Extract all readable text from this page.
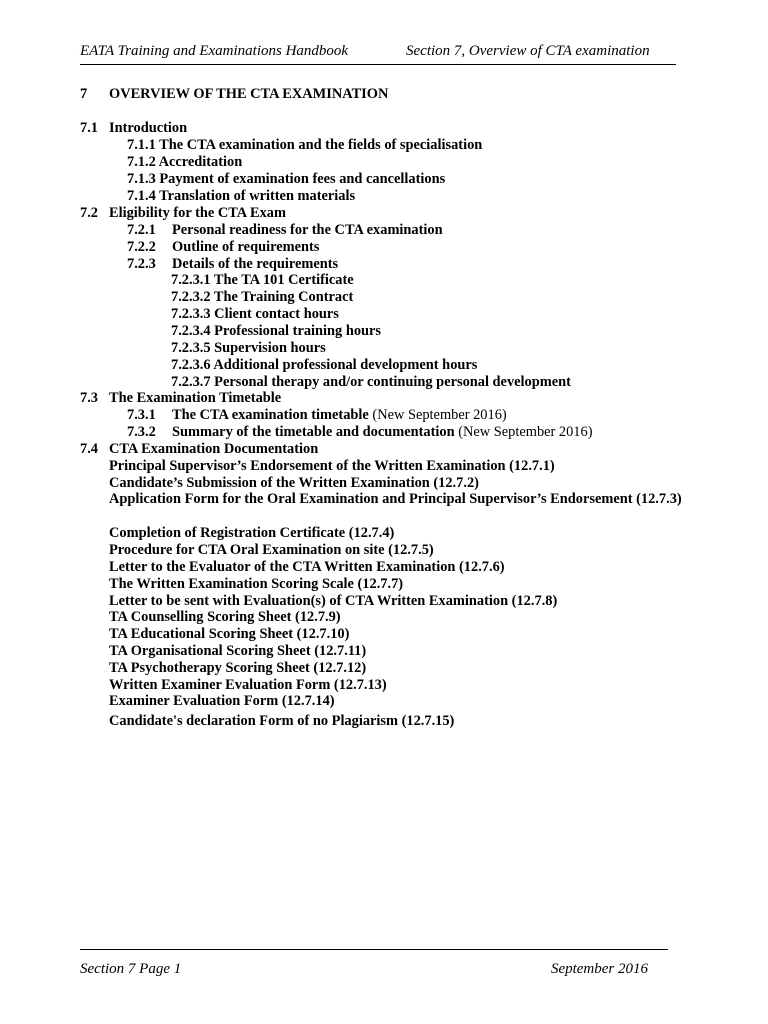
EATA Training and Examinations Handbook	Section 7, Overview of CTA examination
7 OVERVIEW OF THE CTA EXAMINATION
7.1 Introduction
7.1.1 The CTA examination and the fields of specialisation
7.1.2 Accreditation
7.1.3 Payment of examination fees and cancellations
7.1.4 Translation of written materials
7.2 Eligibility for the CTA Exam
7.2.1 Personal readiness for the CTA examination
7.2.2 Outline of requirements
7.2.3 Details of the requirements
7.2.3.1 The TA 101 Certificate
7.2.3.2 The Training Contract
7.2.3.3 Client contact hours
7.2.3.4 Professional training hours
7.2.3.5 Supervision hours
7.2.3.6 Additional professional development hours
7.2.3.7 Personal therapy and/or continuing personal development
7.3 The Examination Timetable
7.3.1 The CTA examination timetable (New September 2016)
7.3.2 Summary of the timetable and documentation (New September 2016)
7.4 CTA Examination Documentation
Principal Supervisor’s Endorsement of the Written Examination (12.7.1)
Candidate’s Submission of the Written Examination (12.7.2)
Application Form for the Oral Examination and Principal Supervisor’s Endorsement (12.7.3)
Completion of Registration Certificate (12.7.4)
Procedure for CTA Oral Examination on site (12.7.5)
Letter to the Evaluator of the CTA Written Examination (12.7.6)
The Written Examination Scoring Scale (12.7.7)
Letter to be sent with Evaluation(s) of CTA Written Examination (12.7.8)
TA Counselling Scoring Sheet (12.7.9)
TA Educational Scoring Sheet (12.7.10)
TA Organisational Scoring Sheet (12.7.11)
TA Psychotherapy Scoring Sheet (12.7.12)
Written Examiner Evaluation Form (12.7.13)
Examiner Evaluation Form (12.7.14)
Candidate's declaration Form of no Plagiarism (12.7.15)
Section 7 Page 1	September 2016
